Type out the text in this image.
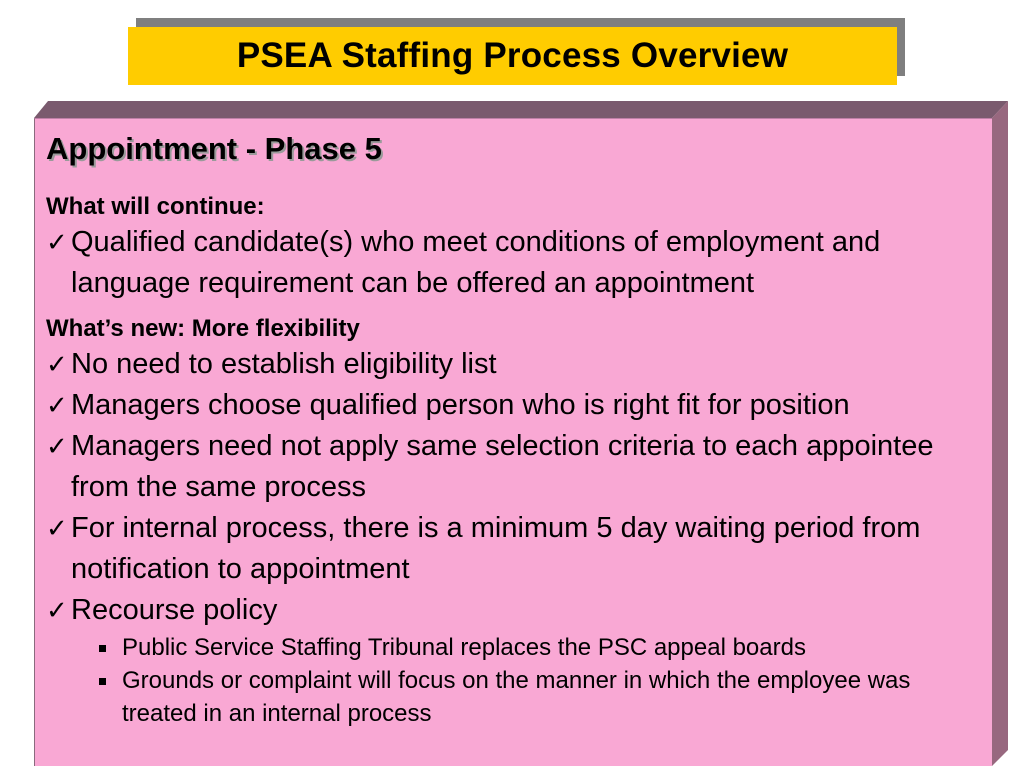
PSEA Staffing Process Overview
Appointment - Phase 5
What will continue:
✓ Qualified candidate(s) who meet conditions of employment and language requirement can be offered an appointment
What’s new: More flexibility
✓ No need to establish eligibility list
✓ Managers choose qualified person who is right fit for position
✓ Managers need not apply same selection criteria to each appointee from the same process
✓ For internal process, there is a minimum 5 day waiting period from notification to appointment
✓ Recourse policy
Public Service Staffing Tribunal replaces the PSC appeal boards
Grounds or complaint will focus on the manner in which the employee was treated in an internal process
